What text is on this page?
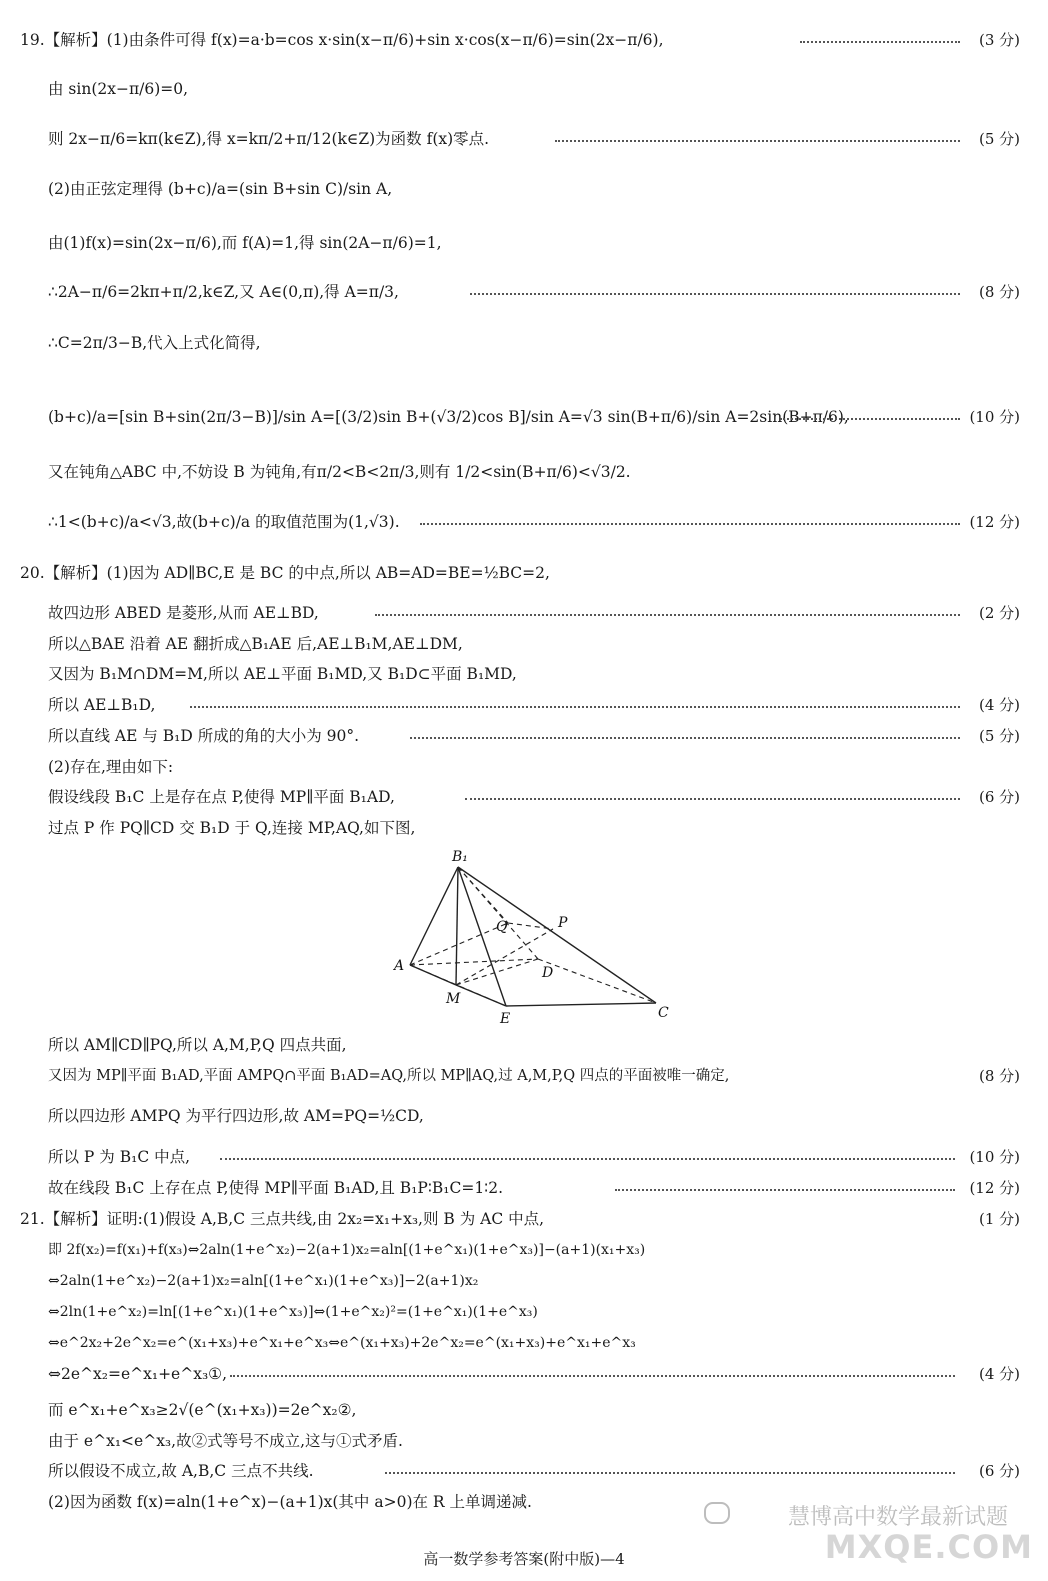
19.【解析】(1)由条件可得 f(x)=a·b=cos x·sin(x−π/6)+sin x·cos(x−π/6)=sin(2x−π/6),	(3 分)
由 sin(2x−π/6)=0,
则 2x−π/6=kπ(k∈Z),得 x=kπ/2+π/12(k∈Z)为函数 f(x)零点.	(5 分)
(2)由正弦定理得 (b+c)/a=(sin B+sin C)/sin A,
由(1)f(x)=sin(2x−π/6),而 f(A)=1,得 sin(2A−π/6)=1,
∴2A−π/6=2kπ+π/2,k∈Z,又 A∈(0,π),得 A=π/3,	(8 分)
∴C=2π/3−B,代入上式化简得,
(b+c)/a=[sin B+sin(2π/3−B)]/sin A=[(3/2)sin B+(√3/2)cos B]/sin A=√3 sin(B+π/6)/sin A=2sin(B+π/6),	(10 分)
又在钝角△ABC 中,不妨设 B 为钝角,有π/2<B<2π/3,则有 1/2<sin(B+π/6)<√3/2.
∴1<(b+c)/a<√3,故(b+c)/a 的取值范围为(1,√3).	(12 分)
20.【解析】(1)因为 AD∥BC,E 是 BC 的中点,所以 AB=AD=BE=½BC=2,
故四边形 ABED 是菱形,从而 AE⊥BD,	(2 分)
所以△BAE 沿着 AE 翻折成△B₁AE 后,AE⊥B₁M,AE⊥DM,
又因为 B₁M∩DM=M,所以 AE⊥平面 B₁MD,又 B₁D⊂平面 B₁MD,
所以 AE⊥B₁D,	(4 分)
所以直线 AE 与 B₁D 所成的角的大小为 90°.	(5 分)
(2)存在,理由如下:
假设线段 B₁C 上是存在点 P,使得 MP∥平面 B₁AD,	(6 分)
过点 P 作 PQ∥CD 交 B₁D 于 Q,连接 MP,AQ,如下图,
B₁
A
M
E	C
D
P
Q
所以 AM∥CD∥PQ,所以 A,M,P,Q 四点共面,
又因为 MP∥平面 B₁AD,平面 AMPQ∩平面 B₁AD=AQ,所以 MP∥AQ,过 A,M,P,Q 四点的平面被唯一确定,	(8 分)
所以四边形 AMPQ 为平行四边形,故 AM=PQ=½CD,
所以 P 为 B₁C 中点,	(10 分)
故在线段 B₁C 上存在点 P,使得 MP∥平面 B₁AD,且 B₁P∶B₁C=1∶2.	(12 分)
21.【解析】证明:(1)假设 A,B,C 三点共线,由 2x₂=x₁+x₃,则 B 为 AC 中点,	(1 分)
即 2f(x₂)=f(x₁)+f(x₃)⇔2aln(1+e^x₂)−2(a+1)x₂=aln[(1+e^x₁)(1+e^x₃)]−(a+1)(x₁+x₃)
⇔2aln(1+e^x₂)−2(a+1)x₂=aln[(1+e^x₁)(1+e^x₃)]−2(a+1)x₂
⇔2ln(1+e^x₂)=ln[(1+e^x₁)(1+e^x₃)]⇔(1+e^x₂)²=(1+e^x₁)(1+e^x₃)
⇔e^2x₂+2e^x₂=e^(x₁+x₃)+e^x₁+e^x₃⇔e^(x₁+x₃)+2e^x₂=e^(x₁+x₃)+e^x₁+e^x₃
⇔2e^x₂=e^x₁+e^x₃①,	(4 分)
而 e^x₁+e^x₃≥2√(e^(x₁+x₃))=2e^x₂②,
由于 e^x₁<e^x₃,故②式等号不成立,这与①式矛盾.
所以假设不成立,故 A,B,C 三点不共线.	(6 分)
(2)因为函数 f(x)=aln(1+e^x)−(a+1)x(其中 a>0)在 R 上单调递减.
慧博高中数学最新试题
MXQE.COM
高一数学参考答案(附中版)—4
